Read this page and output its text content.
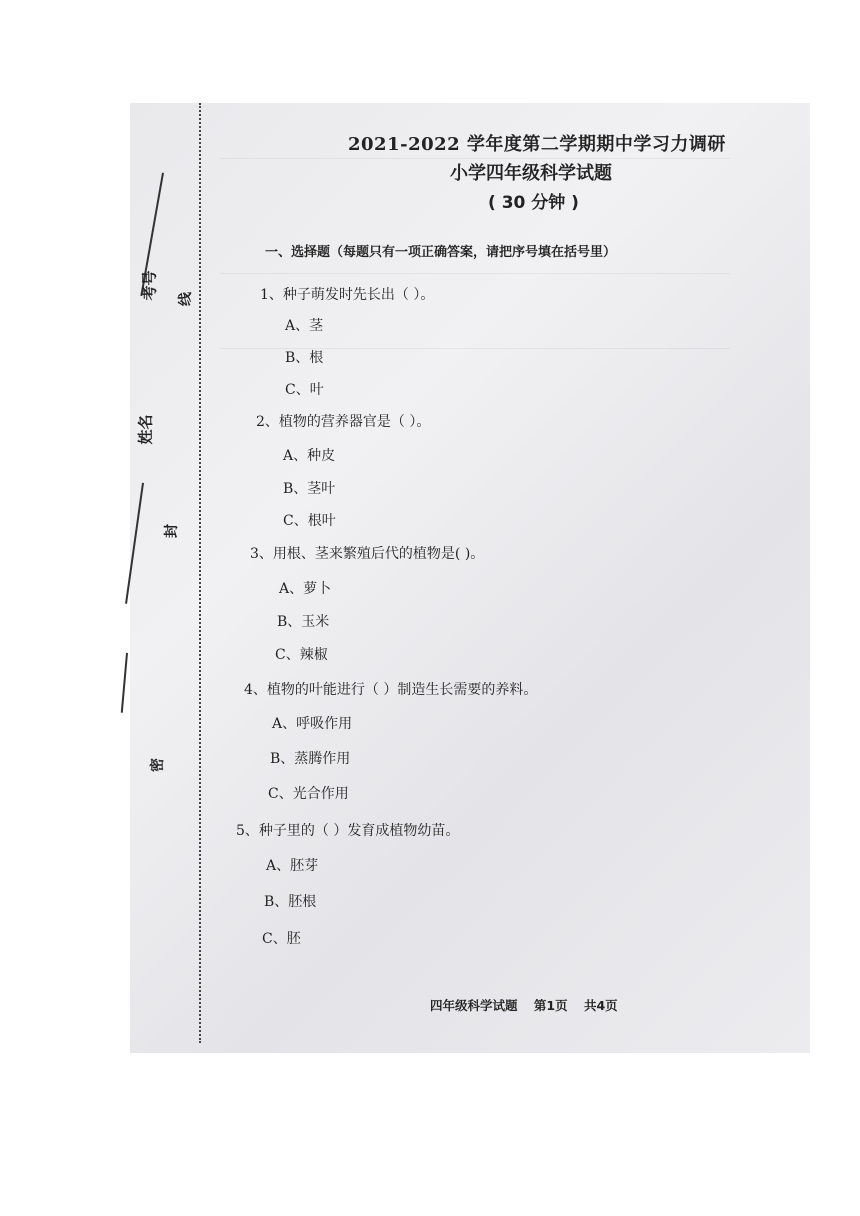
考号
姓名
线
封
密
2021-2022 学年度第二学期期中学习力调研
小学四年级科学试题
( 30 分钟 )
一、选择题（每题只有一项正确答案，请把序号填在括号里）
1、种子萌发时先长出（ ）。
A、茎
B、根
C、叶
2、植物的营养器官是（ ）。
A、种皮
B、茎叶
C、根叶
3、用根、茎来繁殖后代的植物是( )。
A、萝卜
B、玉米
C、辣椒
4、植物的叶能进行（ ）制造生长需要的养料。
A、呼吸作用
B、蒸腾作用
C、光合作用
5、种子里的（ ）发育成植物幼苗。
A、胚芽
B、胚根
C、胚
四年级科学试题 第1页 共4页
